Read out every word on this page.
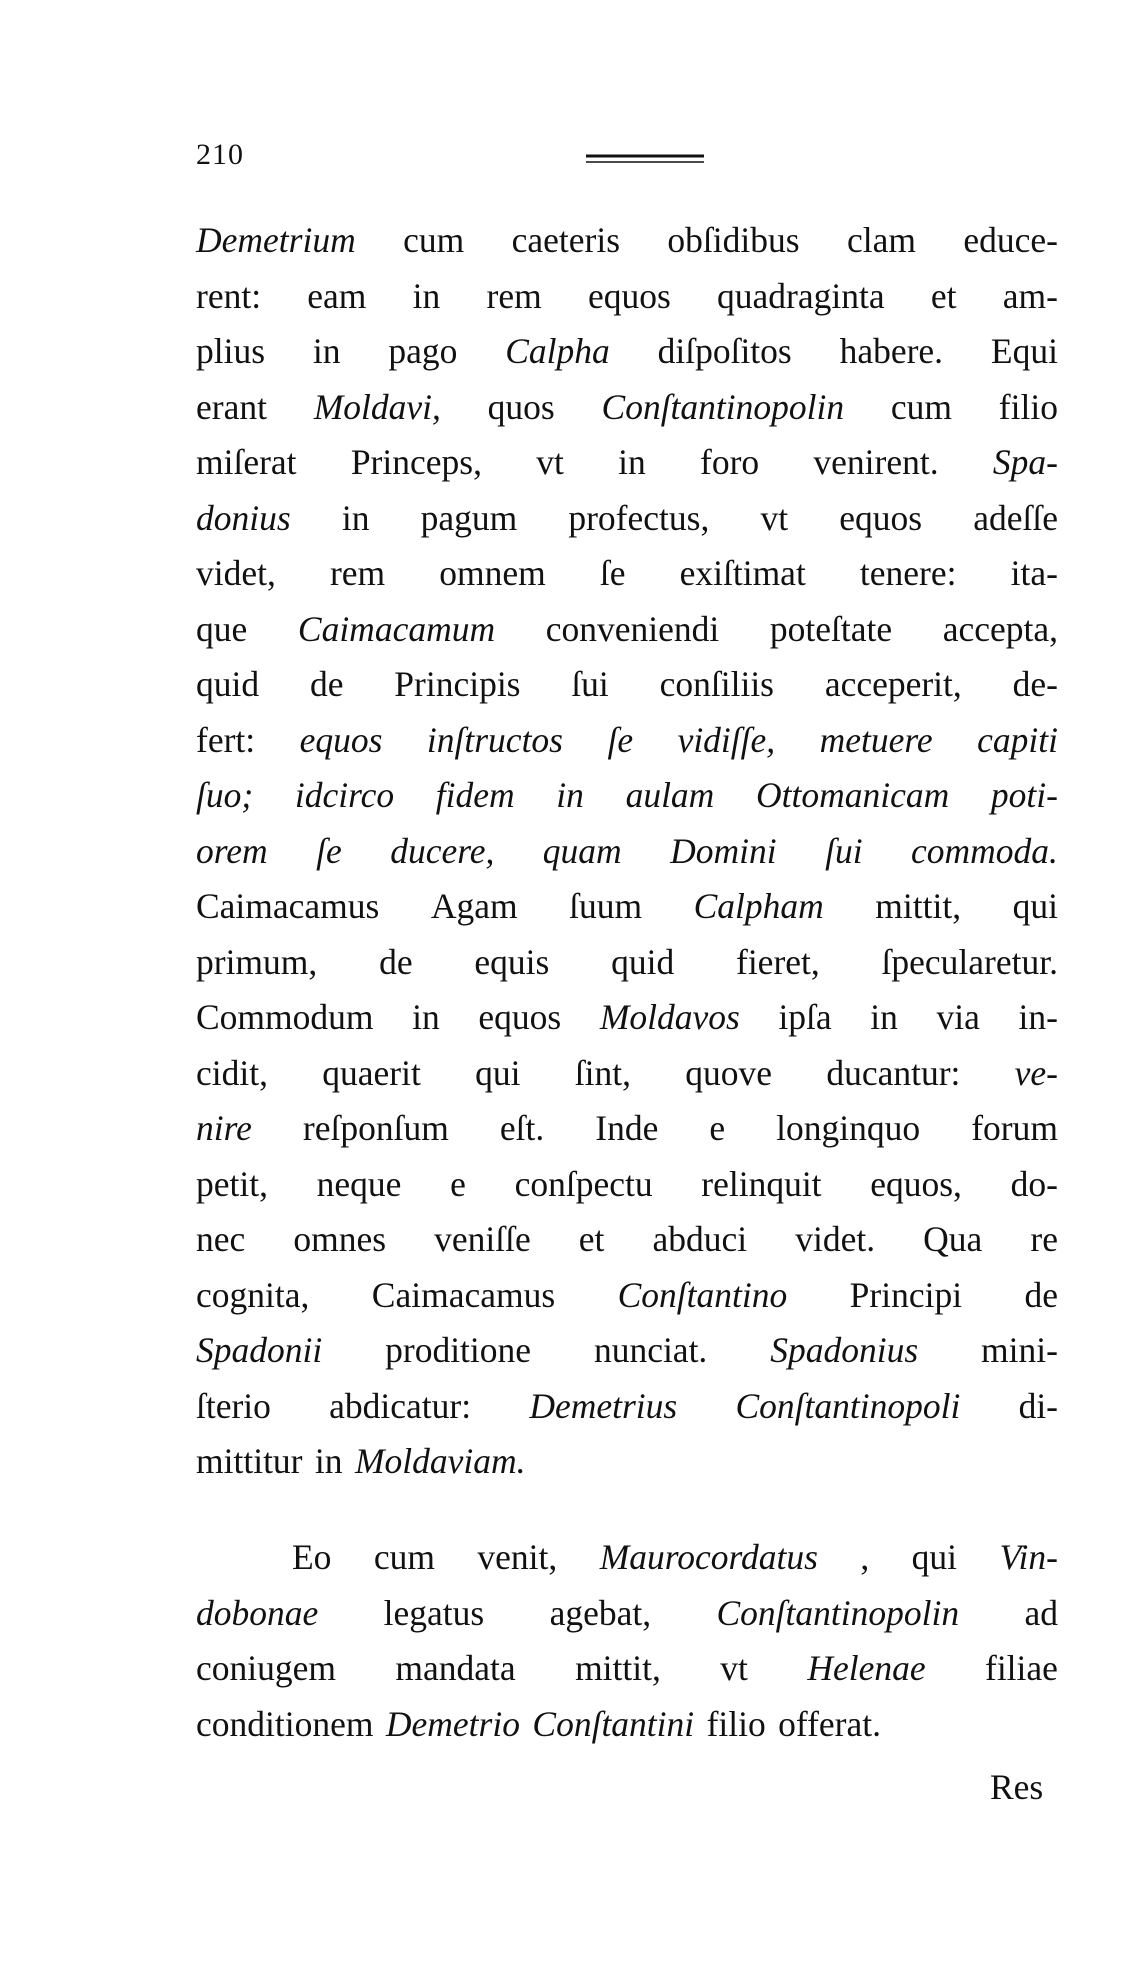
210
Demetrium cum caeteris obſidibus clam educe-
rent: eam in rem equos quadraginta et am-
plius in pago Calpha diſpoſitos habere. Equi
erant Moldavi, quos Conſtantinopolin cum filio
miſerat Princeps, vt in foro venirent. Spa-
donius in pagum profectus, vt equos adeſſe
videt, rem omnem ſe exiſtimat tenere: ita-
que Caimacamum conveniendi poteſtate accepta,
quid de Principis ſui conſiliis acceperit, de-
fert: equos inſtructos ſe vidiſſe, metuere capiti
ſuo; idcirco fidem in aulam Ottomanicam poti-
orem ſe ducere, quam Domini ſui commoda.
Caimacamus Agam ſuum Calpham mittit, qui
primum, de equis quid fieret, ſpecularetur.
Commodum in equos Moldavos ipſa in via in-
cidit, quaerit qui ſint, quove ducantur: ve-
nire reſponſum eſt. Inde e longinquo forum
petit, neque e conſpectu relinquit equos, do-
nec omnes veniſſe et abduci videt. Qua re
cognita, Caimacamus Conſtantino Principi de
Spadonii proditione nunciat. Spadonius mini-
ſterio abdicatur: Demetrius Conſtantinopoli di-
mittitur in Moldaviam.
Eo cum venit, Maurocordatus , qui Vin-
dobonae legatus agebat, Conſtantinopolin ad
coniugem mandata mittit, vt Helenae filiae
conditionem Demetrio Conſtantini filio offerat.
Res
